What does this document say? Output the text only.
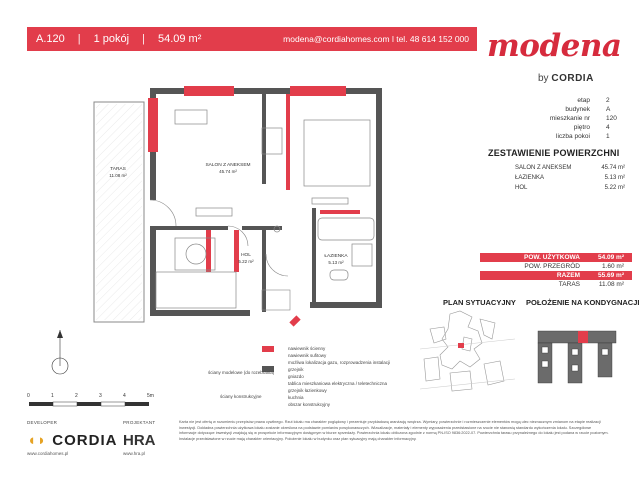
A.120 | 1 pokój | 54.09 m²	modena@cordiahomes.com l tel. 48 614 152 000 modena
by CORDIA
etap 2
budynek A
mieszkanie nr 120
piętro 4
liczba pokoi 1
ZESTAWIENIE POWIERZCHNI
SALON Z ANEKSEM	45.74 m²
ŁAZIENKA	5.13 m²
HOL	5.22 m²
POW. UŻYTKOWA	54.09 m²
POW. PRZEGRÓD	1.60 m²
RAZEM	55.69 m²
TARAS	11.08 m²
PLAN SYTUACYJNY POŁOŻENIE NA KONDYGNACJI
SALON Z ANEKSEM
45.74 m²
TARAS
11.08 m²
HOL
5.22 m²
ŁAZIENKA
5.13 m²
ściany modelowe (do rozebrania)
ściany konstrukcyjne
nawiewnik ścienny
nawiewnik sufitowy
możliwa lokalizacja gazu, rozprowadzenia instalacji
grzejnik
gniazdo
tablica mieszkaniowa elektryczna / teletechniczna
grzejnik łazienkowy
kuchnia
obszar konstrukcyjny
0	1	2	3	4	5m
DEVELOPER
◖◗ CORDIA
www.cordiahomes.pl
PROJEKTANT
HRA
www.hra.pl
Karta nie jest ofertą w rozumieniu przepisów prawa cywilnego. Rzut lokalu ma charakter poglądowy i prezentuje przykładową aranżację wnętrza. Wymiary, powierzchnie i rozmieszczenie elementów mogą ulec nieznacznym zmianom na etapie realizacji inwestycji. Dokładna powierzchnia użytkowa lokalu zostanie określona na podstawie pomiarów powykonawczych. Wizualizacje, materiały i elementy wyposażenia przedstawione na rzucie nie stanowią standardu wykończenia lokalu. Szczegółowe informacje dotyczące inwestycji znajdują się w prospekcie informacyjnym dostępnym w biurze sprzedaży. Powierzchnia lokalu obliczona zgodnie z normą PN-ISO 9836:2022-07. Powierzchnia tarasu przynależnego do lokalu jest podana w rzucie poziomym. Instalacje przedstawione w rzucie mają charakter orientacyjny. Położenie lokalu w budynku oraz plan sytuacyjny mają charakter informacyjny.
